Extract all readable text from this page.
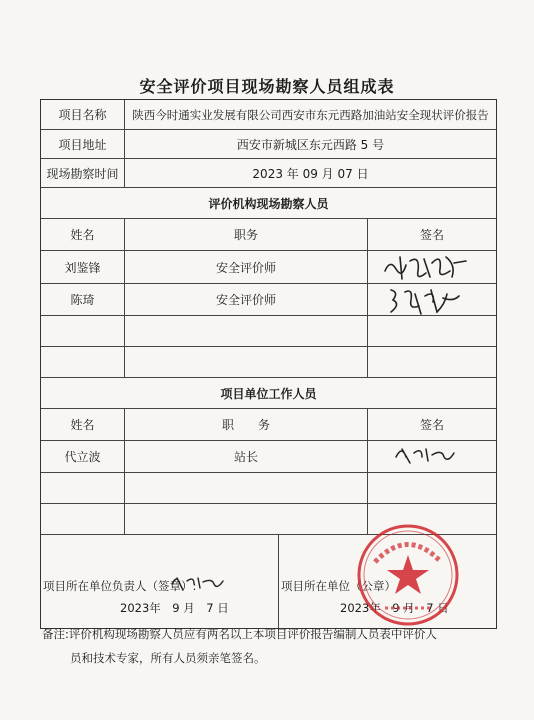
安全评价项目现场勘察人员组成表
项目名称	陕西今时通实业发展有限公司西安市东元西路加油站安全现状评价报告
项目地址	西安市新城区东元西路 5 号
现场勘察时间	2023 年 09 月 07 日
评价机构现场勘察人员
姓名	职务	签名
刘鉴锋	安全评价师
陈琦	安全评价师
项目单位工作人员
姓名	职　　务	签名
代立波	站长
项目所在单位负责人（签章）:
2023年　9 月　7 日
项目所在单位（公章）
2023年　9 月　7 日
备注:评价机构现场勘察人员应有两名以上本项目评价报告编制人员表中评价人
员和技术专家，所有人员须亲笔签名。
